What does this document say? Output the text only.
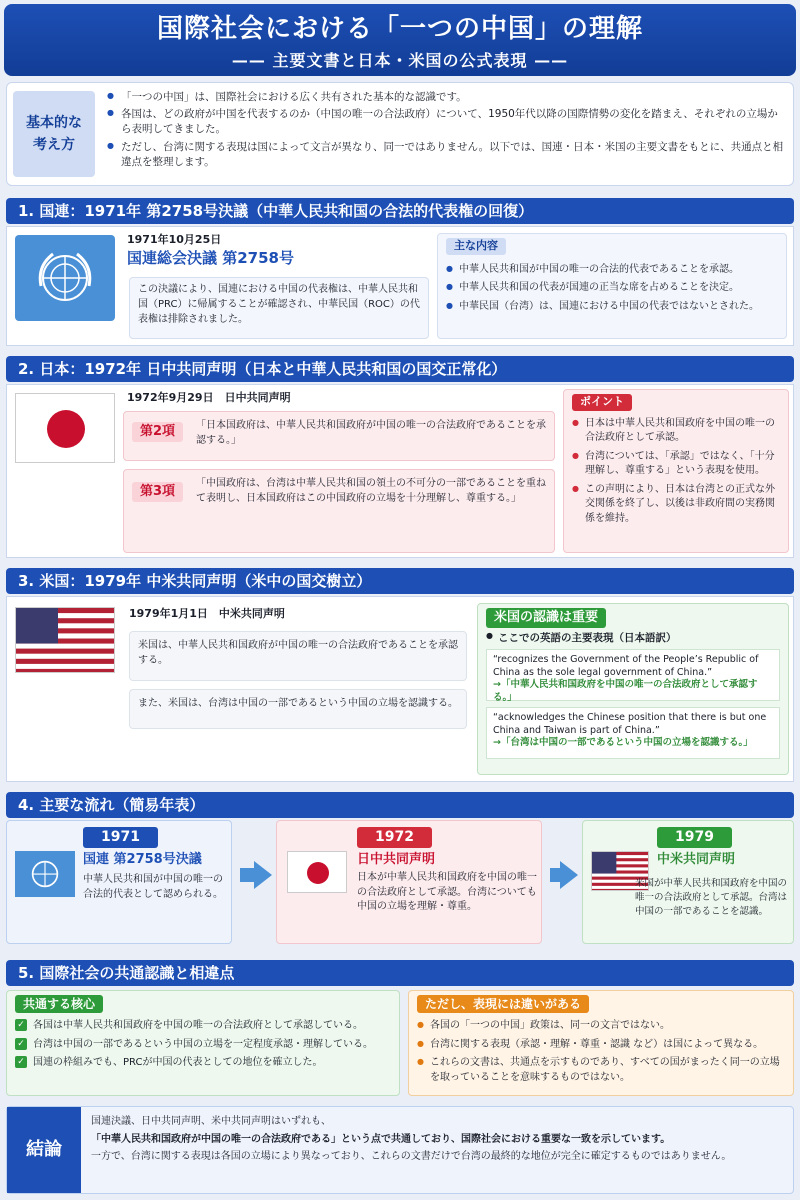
国際社会における「一つの中国」の理解
—— 主要文書と日本・米国の公式表現 ——
基本的な
考え方
● 「一つの中国」は、国際社会における広く共有された基本的な認識です。
● 各国は、どの政府が中国を代表するのか（中国の唯一の合法政府）について、1950年代以降の国際情勢の変化を踏まえ、それぞれの立場から表明してきました。
● ただし、台湾に関する表現は国によって文言が異なり、同一ではありません。以下では、国連・日本・米国の主要文書をもとに、共通点と相違点を整理します。
1. 国連：1971年 第2758号決議（中華人民共和国の合法的代表権の回復）
1971年10月25日
国連総会決議 第2758号
この決議により、国連における中国の代表権は、中華人民共和国（PRC）に帰属することが確認され、中華民国（ROC）の代表権は排除されました。
主な内容
● 中華人民共和国が中国の唯一の合法的代表であることを承認。
● 中華人民共和国の代表が国連の正当な席を占めることを決定。
● 中華民国（台湾）は、国連における中国の代表ではないとされた。
2. 日本：1972年 日中共同声明（日本と中華人民共和国の国交正常化）
1972年9月29日　日中共同声明
第2項	「日本国政府は、中華人民共和国政府が中国の唯一の合法政府であることを承認する。」
第3項
「中国政府は、台湾は中華人民共和国の領土の不可分の一部であることを重ねて表明し、日本国政府はこの中国政府の立場を十分理解し、尊重する。」
ポイント
● 日本は中華人民共和国政府を中国の唯一の合法政府として承認。
● 台湾については、「承認」ではなく、「十分理解し、尊重する」という表現を使用。
● この声明により、日本は台湾との正式な外交関係を終了し、以後は非政府間の実務関係を維持。
3. 米国：1979年 中米共同声明（米中の国交樹立）
1979年1月1日　中米共同声明
米国は、中華人民共和国政府が中国の唯一の合法政府であることを承認する。
また、米国は、台湾は中国の一部であるという中国の立場を認識する。
米国の認識は重要
● ここでの英語の主要表現（日本語訳）
“recognizes the Government of the People’s Republic of China as the sole legal government of China.”
→「中華人民共和国政府を中国の唯一の合法政府として承認する。」
“acknowledges the Chinese position that there is but one China and Taiwan is part of China.”
→「台湾は中国の一部であるという中国の立場を認識する。」
4. 主要な流れ（簡易年表）
1971
国連 第2758号決議
中華人民共和国が中国の唯一の合法的代表として認められる。
1972
日中共同声明
日本が中華人民共和国政府を中国の唯一の合法政府として承認。台湾についても中国の立場を理解・尊重。
1979
中米共同声明
米国が中華人民共和国政府を中国の唯一の合法政府として承認。台湾は中国の一部であることを認識。
5. 国際社会の共通認識と相違点
共通する核心
✓ 各国は中華人民共和国政府を中国の唯一の合法政府として承認している。
✓ 台湾は中国の一部であるという中国の立場を一定程度承認・理解している。
✓ 国連の枠組みでも、PRCが中国の代表としての地位を確立した。
ただし、表現には違いがある
● 各国の「一つの中国」政策は、同一の文言ではない。
● 台湾に関する表現（承認・理解・尊重・認識 など）は国によって異なる。
● これらの文書は、共通点を示すものであり、すべての国がまったく同一の立場を取っていることを意味するものではない。
結論
国連決議、日中共同声明、米中共同声明はいずれも、
「中華人民共和国政府が中国の唯一の合法政府である」という点で共通しており、国際社会における重要な一致を示しています。
一方で、台湾に関する表現は各国の立場により異なっており、これらの文書だけで台湾の最終的な地位が完全に確定するものではありません。
